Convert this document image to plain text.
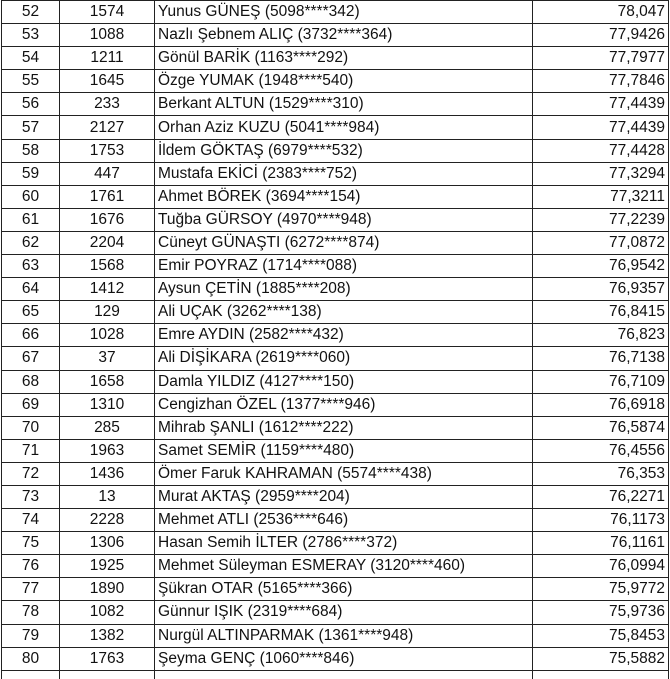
52	1574	Yunus GÜNEŞ (5098****342)	78,047
53	1088	Nazlı Şebnem ALIÇ (3732****364)	77,9426
54	1211	Gönül BARİK (1163****292)	77,7977
55	1645	Özge YUMAK (1948****540)	77,7846
56	233	Berkant ALTUN (1529****310)	77,4439
57	2127	Orhan Aziz KUZU (5041****984)	77,4439
58	1753	İldem GÖKTAŞ (6979****532)	77,4428
59	447	Mustafa EKİCİ (2383****752)	77,3294
60	1761	Ahmet BÖREK (3694****154)	77,3211
61	1676	Tuğba GÜRSOY (4970****948)	77,2239
62	2204	Cüneyt GÜNAŞTI (6272****874)	77,0872
63	1568	Emir POYRAZ (1714****088)	76,9542
64	1412	Aysun ÇETİN (1885****208)	76,9357
65	129	Ali UÇAK (3262****138)	76,8415
66	1028	Emre AYDIN (2582****432)	76,823
67	37	Ali DİŞİKARA (2619****060)	76,7138
68	1658	Damla YILDIZ (4127****150)	76,7109
69	1310	Cengizhan ÖZEL (1377****946)	76,6918
70	285	Mihrab ŞANLI (1612****222)	76,5874
71	1963	Samet SEMİR (1159****480)	76,4556
72	1436	Ömer Faruk KAHRAMAN (5574****438)	76,353
73	13	Murat AKTAŞ (2959****204)	76,2271
74	2228	Mehmet ATLI (2536****646)	76,1173
75	1306	Hasan Semih İLTER (2786****372)	76,1161
76	1925	Mehmet Süleyman ESMERAY (3120****460)	76,0994
77	1890	Şükran OTAR (5165****366)	75,9772
78	1082	Günnur IŞIK (2319****684)	75,9736
79	1382	Nurgül ALTINPARMAK (1361****948)	75,8453
80	1763	Şeyma GENÇ (1060****846)	75,5882
